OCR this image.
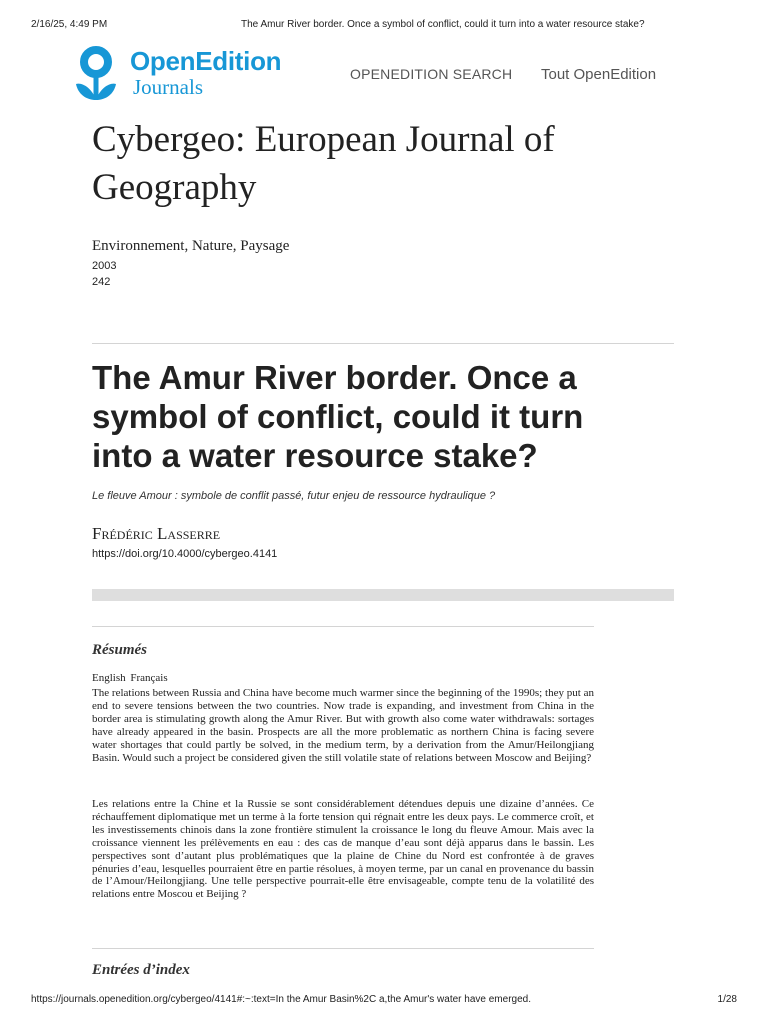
2/16/25, 4:49 PM	The Amur River border. Once a symbol of conflict, could it turn into a water resource stake?
OpenEdition
Journals
OPENEDITION SEARCH Tout OpenEdition
Cybergeo: European Journal of Geography
Environnement, Nature, Paysage
2003
242
The Amur River border. Once a symbol of conflict, could it turn into a water resource stake?
Le fleuve Amour : symbole de conflit passé, futur enjeu de ressource hydraulique ?
Frédéric Lasserre
https://doi.org/10.4000/cybergeo.4141
Résumés
English Français

The relations between Russia and China have become much warmer since the beginning of the 1990s; they put an end to severe tensions between the two countries. Now trade is expanding, and investment from China in the border area is stimulating growth along the Amur River. But with growth also come water withdrawals: sortages have already appeared in the basin. Prospects are all the more problematic as northern China is facing severe water shortages that could partly be solved, in the medium term, by a derivation from the Amur/Heilongjiang Basin. Would such a project be considered given the still volatile state of relations between Moscow and Beijing?

Les relations entre la Chine et la Russie se sont considérablement détendues depuis une dizaine d’années. Ce réchauffement diplomatique met un terme à la forte tension qui régnait entre les deux pays. Le commerce croît, et les investissements chinois dans la zone frontière stimulent la croissance le long du fleuve Amour. Mais avec la croissance viennent les prélèvements en eau : des cas de manque d’eau sont déjà apparus dans le bassin. Les perspectives sont d’autant plus problématiques que la plaine de Chine du Nord est confrontée à de graves pénuries d’eau, lesquelles pourraient être en partie résolues, à moyen terme, par un canal en provenance du bassin de l’Amour/Heilongjiang. Une telle perspective pourrait-elle être envisageable, compte tenu de la volatilité des relations entre Moscou et Beijing ?

Entrées d’index
https://journals.openedition.org/cybergeo/4141#:~:text=In the Amur Basin%2C a,the Amur's water have emerged.	1/28
